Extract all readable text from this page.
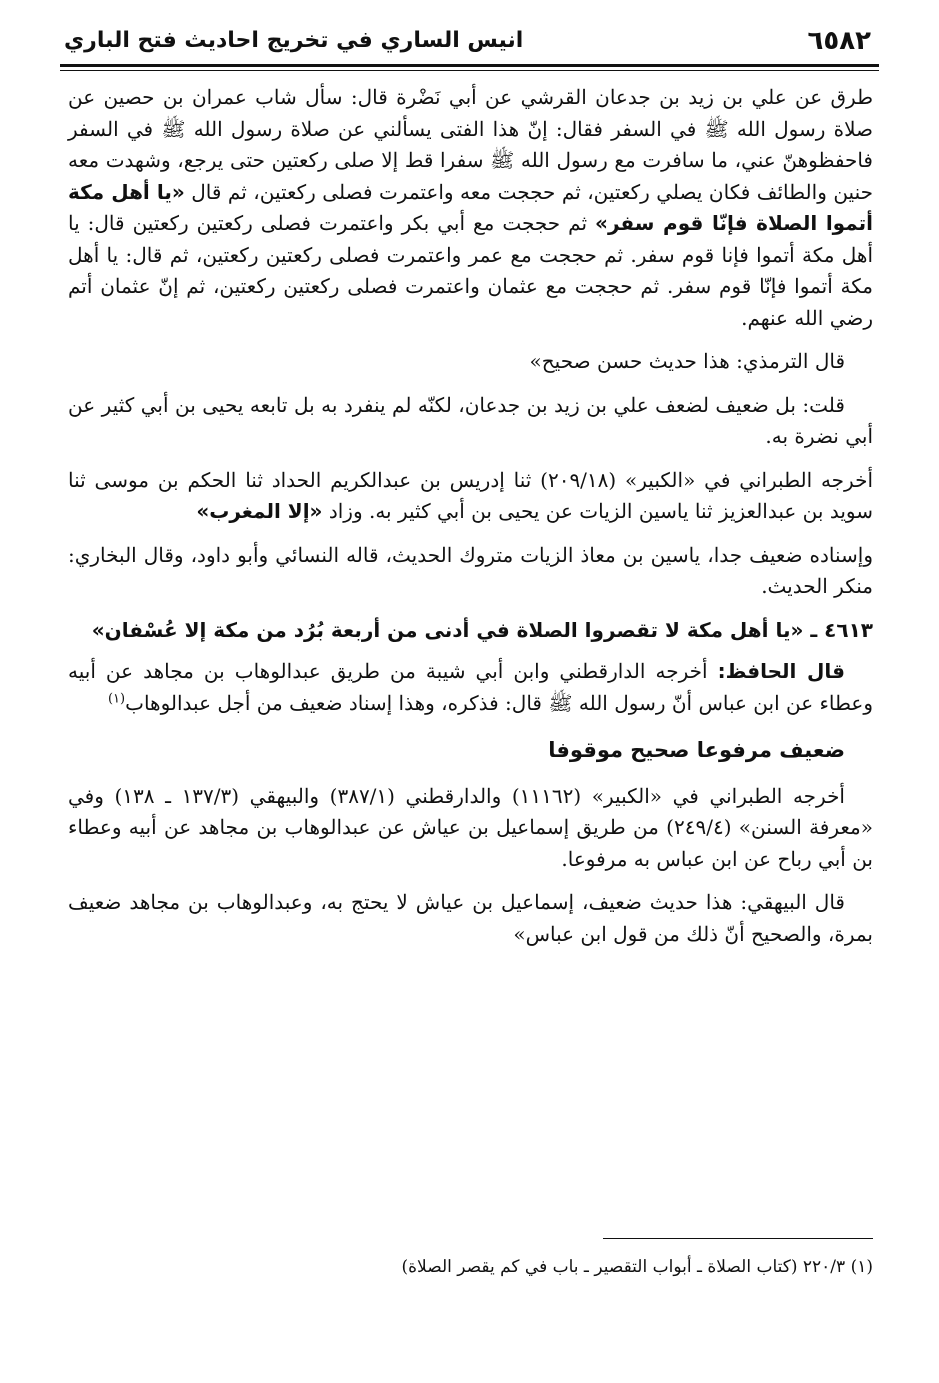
٦٥٨٢
انيس الساري في تخريج احاديث فتح الباري

طرق عن علي بن زيد بن جدعان القرشي عن أبي نَضْرة قال: سأل شاب عمران بن حصين عن صلاة رسول الله ﷺ في السفر فقال: إنّ هذا الفتى يسألني عن صلاة رسول الله ﷺ في السفر فاحفظوهنّ عني، ما سافرت مع رسول الله ﷺ سفرا قط إلا صلى ركعتين حتى يرجع، وشهدت معه حنين والطائف فكان يصلي ركعتين، ثم حججت معه واعتمرت فصلى ركعتين، ثم قال «يا أهل مكة أتموا الصلاة فإنّا قوم سفر» ثم حججت مع أبي بكر واعتمرت فصلى ركعتين ركعتين قال: يا أهل مكة أتموا فإنا قوم سفر. ثم حججت مع عمر واعتمرت فصلى ركعتين ركعتين، ثم قال: يا أهل مكة أتموا فإنّا قوم سفر. ثم حججت مع عثمان واعتمرت فصلى ركعتين ركعتين، ثم إنّ عثمان أتم رضي الله عنهم.

قال الترمذي: هذا حديث حسن صحيح»

قلت: بل ضعيف لضعف علي بن زيد بن جدعان، لكنّه لم ينفرد به بل تابعه يحيى بن أبي كثير عن أبي نضرة به.

أخرجه الطبراني في «الكبير» (٢٠٩/١٨) ثنا إدريس بن عبدالكريم الحداد ثنا الحكم بن موسى ثنا سويد بن عبدالعزيز ثنا ياسين الزيات عن يحيى بن أبي كثير به. وزاد «إلا المغرب»

وإسناده ضعيف جدا، ياسين بن معاذ الزيات متروك الحديث، قاله النسائي وأبو داود، وقال البخاري: منكر الحديث.

٤٦١٣ ـ «يا أهل مكة لا تقصروا الصلاة في أدنى من أربعة بُرُد من مكة إلا عُسْفان»

قال الحافظ: أخرجه الدارقطني وابن أبي شيبة من طريق عبدالوهاب بن مجاهد عن أبيه وعطاء عن ابن عباس أنّ رسول الله ﷺ قال: فذكره، وهذا إسناد ضعيف من أجل عبدالوهاب$^{(١)}$

ضعيف مرفوعا صحيح موقوفا

أخرجه الطبراني في «الكبير» (١١١٦٢) والدارقطني (٣٨٧/١) والبيهقي (١٣٧/٣ ـ ١٣٨) وفي «معرفة السنن» (٢٤٩/٤) من طريق إسماعيل بن عياش عن عبدالوهاب بن مجاهد عن أبيه وعطاء بن أبي رباح عن ابن عباس به مرفوعا.

قال البيهقي: هذا حديث ضعيف، إسماعيل بن عياش لا يحتج به، وعبدالوهاب بن مجاهد ضعيف بمرة، والصحيح أنّ ذلك من قول ابن عباس»

(١) ٢٢٠/٣ (كتاب الصلاة ـ أبواب التقصير ـ باب في كم يقصر الصلاة)
